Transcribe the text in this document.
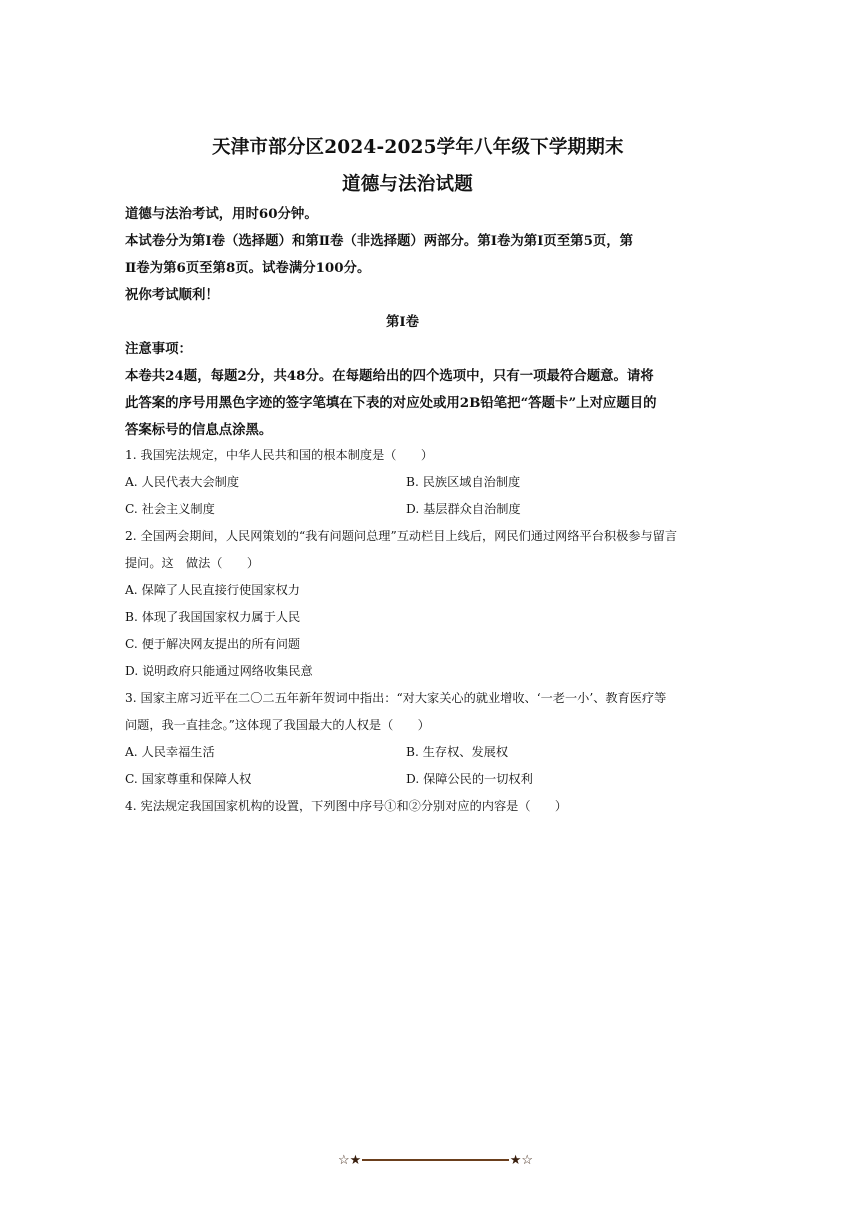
天津市部分区2024-2025学年八年级下学期期末
道德与法治试题
道德与法治考试，用时60分钟。
本试卷分为第Ⅰ卷（选择题）和第Ⅱ卷（非选择题）两部分。第Ⅰ卷为第Ⅰ页至第5页，第
Ⅱ卷为第6页至第8页。试卷满分100分。
祝你考试顺利！
第Ⅰ卷
注意事项：
本卷共24题，每题2分，共48分。在每题给出的四个选项中，只有一项最符合题意。请将
此答案的序号用黑色字迹的签字笔填在下表的对应处或用2B铅笔把“答题卡”上对应题目的
答案标号的信息点涂黑。
1. 我国宪法规定，中华人民共和国的根本制度是（　　）
A. 人民代表大会制度	B. 民族区域自治制度
C. 社会主义制度	D. 基层群众自治制度
2. 全国两会期间，人民网策划的“我有问题问总理”互动栏目上线后，网民们通过网络平台积极参与留言
提问。这　做法（　　）
A. 保障了人民直接行使国家权力
B. 体现了我国国家权力属于人民
C. 便于解决网友提出的所有问题
D. 说明政府只能通过网络收集民意
3. 国家主席习近平在二〇二五年新年贺词中指出：“对大家关心的就业增收、‘一老一小’、教育医疗等
问题，我一直挂念。”这体现了我国最大的人权是（　　）
A. 人民幸福生活	B. 生存权、发展权
C. 国家尊重和保障人权	D. 保障公民的一切权利
4. 宪法规定我国国家机构的设置，下列图中序号①和②分别对应的内容是（　　）
☆★	★☆
